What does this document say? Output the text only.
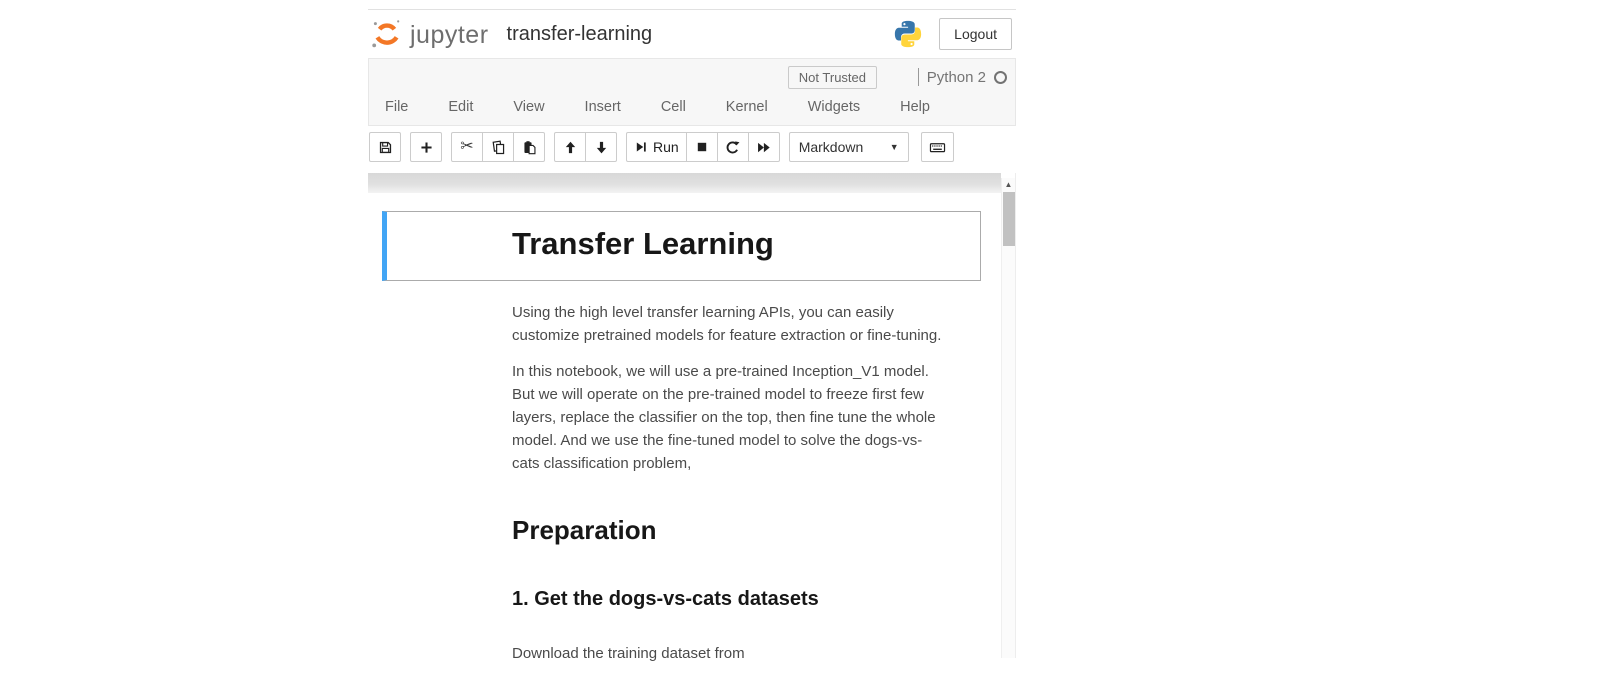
jupyter transfer-learning	Logout
Not Trusted	Python 2
File	Edit	View	Insert	Cell	Kernel	Widgets	Help
✂	Run	Markdown	▼
▲
Transfer Learning
Using the high level transfer learning APIs, you can easily
customize pretrained models for feature extraction or fine-tuning.
In this notebook, we will use a pre-trained Inception_V1 model.
But we will operate on the pre-trained model to freeze first few
layers, replace the classifier on the top, then fine tune the whole
model. And we use the fine-tuned model to solve the dogs-vs-
cats classification problem,
Preparation
1. Get the dogs-vs-cats datasets
Download the training dataset from
